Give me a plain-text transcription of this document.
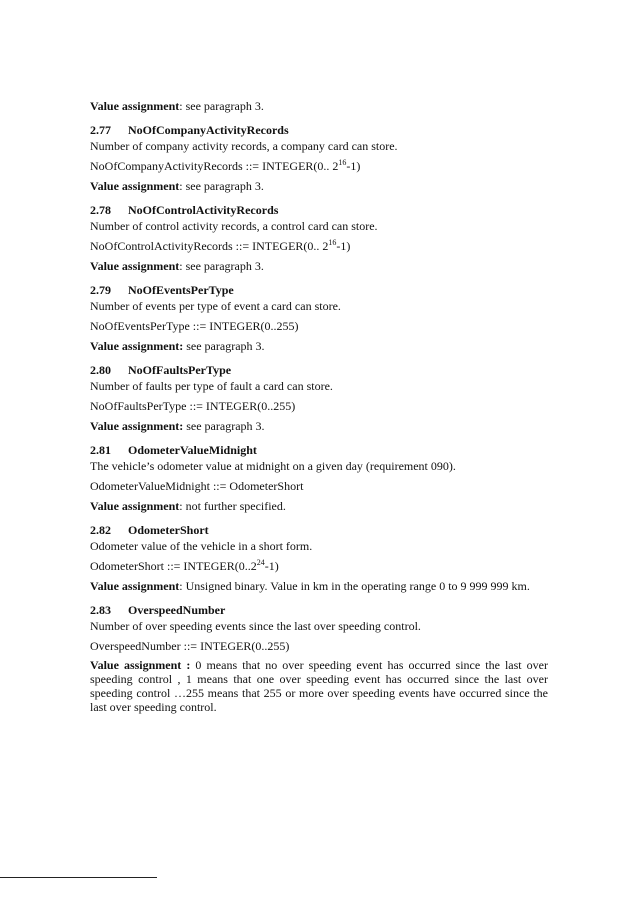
Value assignment: see paragraph 3.

2.77 NoOfCompanyActivityRecords

Number of company activity records, a company card can store.

NoOfCompanyActivityRecords ::= INTEGER(0.. $2^{16}-1$)

Value assignment: see paragraph 3.

2.78 NoOfControlActivityRecords

Number of control activity records, a control card can store.

NoOfControlActivityRecords ::= INTEGER(0.. $2^{16}-1$)

Value assignment: see paragraph 3.

2.79 NoOfEventsPerType

Number of events per type of event a card can store.

NoOfEventsPerType ::= INTEGER(0..255)

Value assignment: see paragraph 3.

2.80 NoOfFaultsPerType

Number of faults per type of fault a card can store.

NoOfFaultsPerType ::= INTEGER(0..255)

Value assignment: see paragraph 3.

2.81 OdometerValueMidnight

The vehicle’s odometer value at midnight on a given day (requirement 090).

OdometerValueMidnight ::= OdometerShort

Value assignment: not further specified.

2.82 OdometerShort

Odometer value of the vehicle in a short form.

OdometerShort ::= $INTEGER(0..2^{24}-1)$

Value assignment: Unsigned binary. Value in km in the operating range 0 to 9 999 999 km.

2.83 OverspeedNumber

Number of over speeding events since the last over speeding control.

OverspeedNumber ::= INTEGER(0..255)

Value assignment : 0 means that no over speeding event has occurred since the last over speeding control , 1 means that one over speeding event has occurred since the last over speeding control …255 means that 255 or more over speeding events have occurred since the last over speeding control.
